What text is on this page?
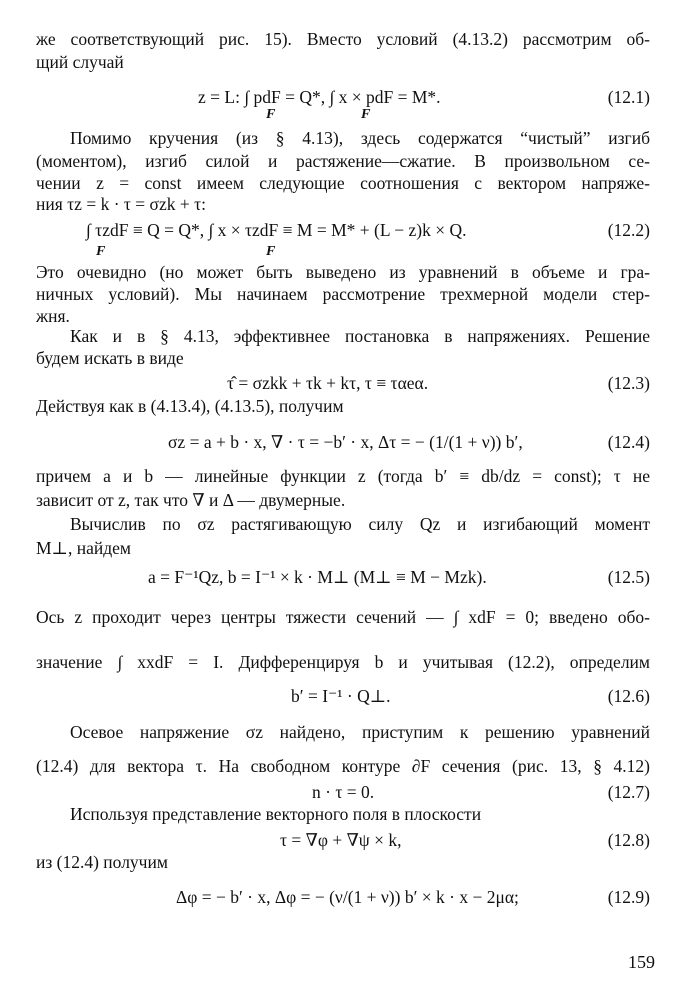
же соответствующий рис. 15). Вместо условий (4.13.2) рассмотрим об-
щий случай
z = L: ∫ pdF = Q*, ∫ x × pdF = M*.
F	F
(12.1)
Помимо кручения (из § 4.13), здесь содержатся “чистый” изгиб
(моментом), изгиб силой и растяжение—сжатие. В произвольном се-
чении z = const имеем следующие соотношения с вектором напряже-
ния τz = k · τ = σzk + τ:
∫ τzdF ≡ Q = Q*, ∫ x × τzdF ≡ M = M* + (L − z)k × Q.
F	F
(12.2)
Это очевидно (но может быть выведено из уравнений в объеме и гра-
ничных условий). Мы начинаем рассмотрение трехмерной модели стер-
жня.
Как и в § 4.13, эффективнее постановка в напряжениях. Решение
будем искать в виде
τ̂ = σzkk + τk + kτ, τ ≡ ταeα.	(12.3)
Действуя как в (4.13.4), (4.13.5), получим
σz = a + b · x, ∇ · τ = −b′ · x, Δτ = − (1/(1 + ν)) b′,	(12.4)
причем a и b — линейные функции z (тогда b′ ≡ db/dz = const); τ не
зависит от z, так что ∇ и Δ — двумерные.
Вычислив по σz растягивающую силу Qz и изгибающий момент
M⊥, найдем
a = F⁻¹Qz, b = I⁻¹ × k · M⊥ (M⊥ ≡ M − Mzk).	(12.5)
Ось z проходит через центры тяжести сечений — ∫ xdF = 0; введено обо-
значение ∫ xxdF = I. Дифференцируя b и учитывая (12.2), определим
b′ = I⁻¹ · Q⊥.	(12.6)
Осевое напряжение σz найдено, приступим к решению уравнений
(12.4) для вектора τ. На свободном контуре ∂F сечения (рис. 13, § 4.12)
n · τ = 0.	(12.7)
Используя представление векторного поля в плоскости
τ = ∇φ + ∇ψ × k,	(12.8)
из (12.4) получим
Δφ = − b′ · x, Δφ = − (ν/(1 + ν)) b′ × k · x − 2μα;	(12.9)
159
